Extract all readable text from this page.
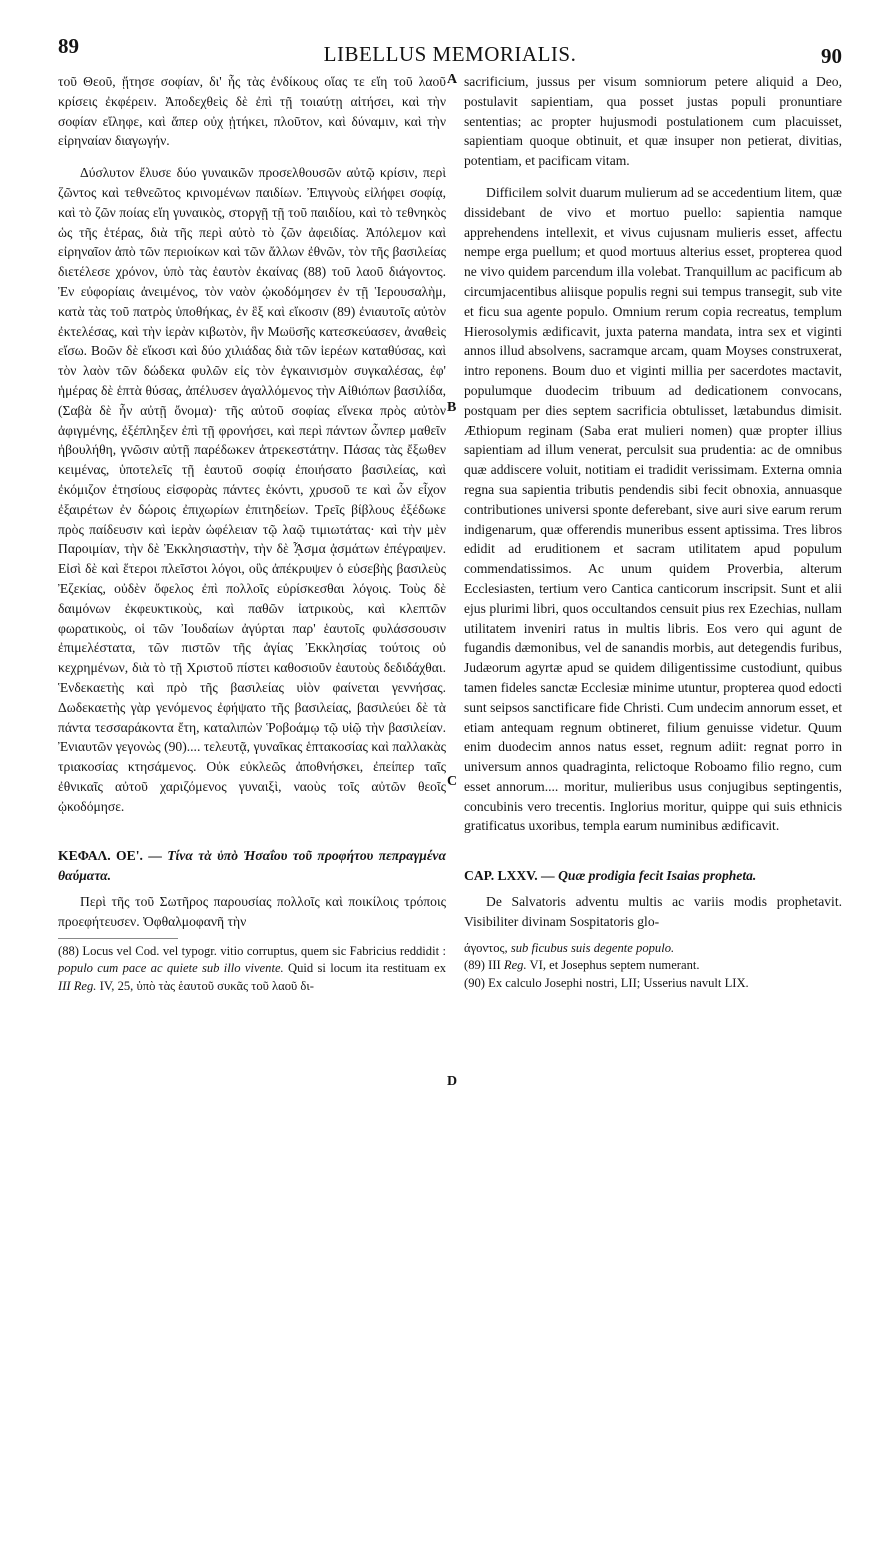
89	LIBELLUS MEMORIALIS.	90
A
B
C
D

τοῦ Θεοῦ, ᾔτησε σοφίαν, δι' ἧς τὰς ἐνδίκους οἵας τε εἴη τοῦ λαοῦ κρίσεις ἐκφέρειν. Ἀποδεχθεὶς δὲ ἐπὶ τῇ τοιαύτῃ αἰτήσει, καὶ τὴν σοφίαν εἴληφε, καὶ ἅπερ οὐχ ᾐτήκει, πλοῦτον, καὶ δύναμιν, καὶ τὴν εἰρηναίαν διαγωγήν.

Δύσλυτον ἔλυσε δύο γυναικῶν προσελθουσῶν αὐτῷ κρίσιν, περὶ ζῶντος καὶ τεθνεῶτος κρινομένων παιδίων. Ἐπιγνοὺς εἰλήφει σοφίᾳ, καὶ τὸ ζῶν ποίας εἴη γυναικὸς, στοργῇ τῇ τοῦ παιδίου, καὶ τὸ τεθνηκὸς ὡς τῆς ἑτέρας, διὰ τῆς περὶ αὐτὸ τὸ ζῶν ἀφειδίας. Ἀπόλεμον καὶ εἰρηναῖον ἀπὸ τῶν περιοίκων καὶ τῶν ἄλλων ἐθνῶν, τὸν τῆς βασιλείας διετέλεσε χρόνον, ὑπὸ τὰς ἑαυτὸν ἐκαίνας (88) τοῦ λαοῦ διάγοντος. Ἐν εὐφορίαις ἀνειμένος, τὸν ναὸν ᾠκοδόμησεν ἐν τῇ Ἱερουσαλὴμ, κατὰ τὰς τοῦ πατρὸς ὑποθήκας, ἐν ἓξ καὶ εἴκοσιν (89) ἐνιαυτοῖς αὐτὸν ἐκτελέσας, καὶ τὴν ἱερὰν κιβωτὸν, ἣν Μωϋσῆς κατεσκεύασεν, ἀναθεὶς εἴσω. Βοῶν δὲ εἴκοσι καὶ δύο χιλιάδας διὰ τῶν ἱερέων καταθύσας, καὶ τὸν λαὸν τῶν δώδεκα φυλῶν εἰς τὸν ἐγκαινισμὸν συγκαλέσας, ἐφ' ἡμέρας δὲ ἑπτὰ θύσας, ἀπέλυσεν ἀγαλλόμενος τὴν Αἰθιόπων βασιλίδα, (Σαβὰ δὲ ἦν αὐτῇ ὄνομα)· τῆς αὐτοῦ σοφίας εἵνεκα πρὸς αὐτὸν ἀφιγμένης, ἐξέπληξεν ἐπὶ τῇ φρονήσει, καὶ περὶ πάντων ὧνπερ μαθεῖν ἠβουλήθη, γνῶσιν αὐτῇ παρέδωκεν ἀτρεκεστάτην. Πάσας τὰς ἔξωθεν κειμένας, ὑποτελεῖς τῇ ἑαυτοῦ σοφίᾳ ἐποιήσατο βασιλείας, καὶ ἐκόμιζον ἐτησίους εἰσφορὰς πάντες ἑκόντι, χρυσοῦ τε καὶ ὧν εἶχον ἐξαιρέτων ἐν δώροις ἐπιχωρίων ἐπιτηδείων. Τρεῖς βίβλους ἐξέδωκε πρὸς παίδευσιν καὶ ἱερὰν ὠφέλειαν τῷ λαῷ τιμιωτάτας· καὶ τὴν μὲν Παροιμίαν, τὴν δὲ Ἐκκλησιαστὴν, τὴν δὲ ᾎσμα ᾀσμάτων ἐπέγραψεν. Εἰσὶ δὲ καὶ ἕτεροι πλεῖστοι λόγοι, οὓς ἀπέκρυψεν ὁ εὐσεβὴς βασιλεὺς Ἐζεκίας, οὐδὲν ὄφελος ἐπὶ πολλοῖς εὑρίσκεσθαι λόγοις. Τοὺς δὲ δαιμόνων ἐκφευκτικοὺς, καὶ παθῶν ἰατρικοὺς, καὶ κλεπτῶν φωρατικοὺς, οἱ τῶν Ἰουδαίων ἀγύρται παρ' ἑαυτοῖς φυλάσσουσιν ἐπιμελέστατα, τῶν πιστῶν τῆς ἁγίας Ἐκκλησίας τούτοις οὐ κεχρημένων, διὰ τὸ τῇ Χριστοῦ πίστει καθοσιοῦν ἑαυτοὺς δεδιδάχθαι. Ἑνδεκαετὴς καὶ πρὸ τῆς βασιλείας υἱὸν φαίνεται γεννήσας. Δωδεκαετὴς γὰρ γενόμενος ἐφήψατο τῆς βασιλείας, βασιλεύει δὲ τὰ πάντα τεσσαράκοντα ἔτη, καταλιπὼν Ῥοβοάμῳ τῷ υἱῷ τὴν βασιλείαν. Ἐνιαυτῶν γεγονὼς (90).... τελευτᾷ, γυναῖκας ἑπτακοσίας καὶ παλλακὰς τριακοσίας κτησάμενος. Οὐκ εὐκλεῶς ἀποθνήσκει, ἐπείπερ ταῖς ἐθνικαῖς αὐτοῦ χαριζόμενος γυναιξὶ, ναοὺς τοῖς αὐτῶν θεοῖς ᾠκοδόμησε.

ΚΕΦΑΛ. ΟΕ'. — Τίνα τὰ ὑπὸ Ἡσαΐου τοῦ προφήτου πεπραγμένα θαύματα.

Περὶ τῆς τοῦ Σωτῆρος παρουσίας πολλοῖς καὶ ποικίλοις τρόποις προεφήτευσεν. Ὀφθαλμοφανῆ τὴν

(88) Locus vel Cod. vel typogr. vitio corruptus, quem sic Fabricius reddidit : populo cum pace ac quiete sub illo vivente. Quid si locum ita restituam ex III Reg. IV, 25, ὑπὸ τὰς ἑαυτοῦ συκᾶς τοῦ λαοῦ δι-

sacrificium, jussus per visum somniorum petere aliquid a Deo, postulavit sapientiam, qua posset justas populi pronuntiare sententias; ac propter hujusmodi postulationem cum placuisset, sapientiam quoque obtinuit, et quæ insuper non petierat, divitias, potentiam, et pacificam vitam.

Difficilem solvit duarum mulierum ad se accedentium litem, quæ dissidebant de vivo et mortuo puello: sapientia namque apprehendens intellexit, et vivus cujusnam mulieris esset, affectu nempe erga puellum; et quod mortuus alterius esset, propterea quod ne vivo quidem parcendum illa volebat. Tranquillum ac pacificum ab circumjacentibus aliisque populis regni sui tempus transegit, sub vite et ficu sua agente populo. Omnium rerum copia recreatus, templum Hierosolymis ædificavit, juxta paterna mandata, intra sex et viginti annos illud absolvens, sacramque arcam, quam Moyses construxerat, intro reponens. Boum duo et viginti millia per sacerdotes mactavit, populumque duodecim tribuum ad dedicationem convocans, postquam per dies septem sacrificia obtulisset, lætabundus dimisit. Æthiopum reginam (Saba erat mulieri nomen) quæ propter illius sapientiam ad illum venerat, perculsit sua prudentia: ac de omnibus quæ addiscere voluit, notitiam ei tradidit verissimam. Externa omnia regna sua sapientia tributis pendendis sibi fecit obnoxia, annuasque contributiones universi sponte deferebant, sive auri sive earum rerum indigenarum, quæ offerendis muneribus essent aptissima. Tres libros edidit ad eruditionem et sacram utilitatem apud populum commendatissimos. Ac unum quidem Proverbia, alterum Ecclesiasten, tertium vero Cantica canticorum inscripsit. Sunt et alii ejus plurimi libri, quos occultandos censuit pius rex Ezechias, nullam utilitatem inveniri ratus in multis libris. Eos vero qui agunt de fugandis dæmonibus, vel de sanandis morbis, aut detegendis furibus, Judæorum agyrtæ apud se quidem diligentissime custodiunt, quibus tamen fideles sanctæ Ecclesiæ minime utuntur, propterea quod edocti sunt seipsos sanctificare fide Christi. Cum undecim annorum esset, et etiam antequam regnum obtineret, filium genuisse videtur. Quum enim duodecim annos natus esset, regnum adiit: regnat porro in universum annos quadraginta, relictoque Roboamo filio regno, cum esset annorum.... moritur, mulieribus usus conjugibus septingentis, concubinis vero trecentis. Inglorius moritur, quippe qui suis ethnicis gratificatus uxoribus, templa earum numinibus ædificavit.

CAP. LXXV. — Quæ prodigia fecit Isaias propheta.

De Salvatoris adventu multis ac variis modis prophetavit. Visibiliter divinam Sospitatoris glo-

άγοντος, sub ficubus suis degente populo.

(89) III Reg. VI, et Josephus septem numerant.

(90) Ex calculo Josephi nostri, LII; Usserius navult LIX.
